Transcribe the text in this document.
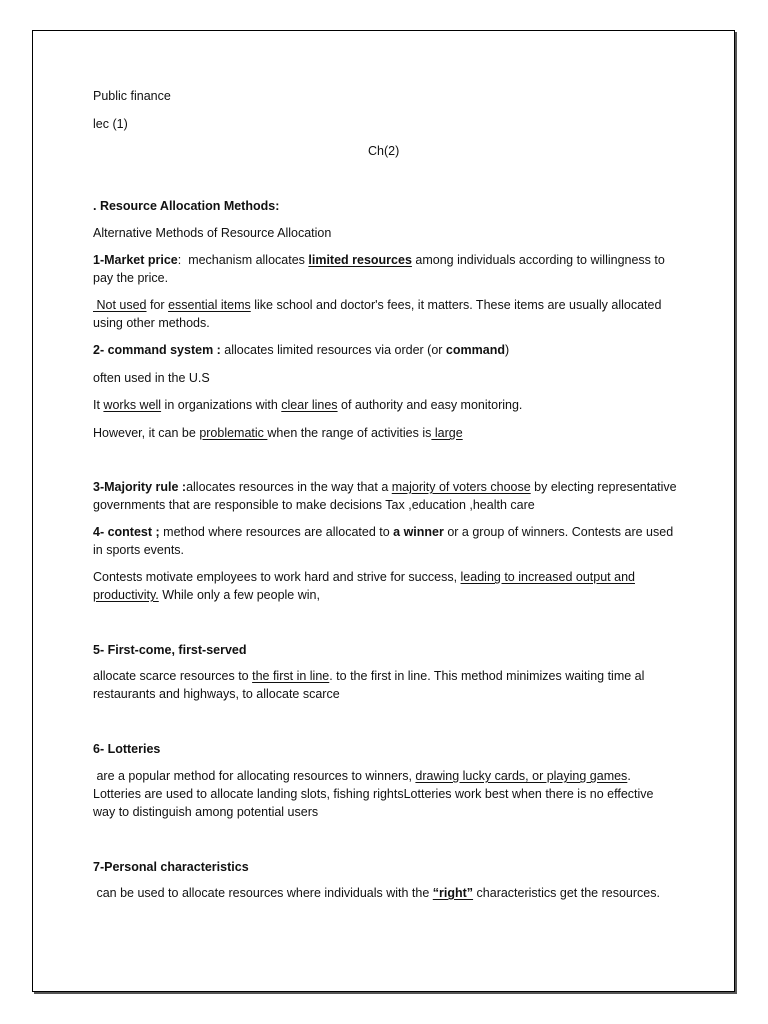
Public finance
lec (1)
Ch(2)
. Resource Allocation Methods:
Alternative Methods of Resource Allocation
1-Market price:  mechanism allocates limited resources among individuals according to willingness to pay the price.
Not used for essential items like school and doctor's fees, it matters. These items are usually allocated using other methods.
2- command system : allocates limited resources via order (or command)
often used in the U.S
It works well in organizations with clear lines of authority and easy monitoring.
However, it can be problematic when the range of activities is large
3-Majority rule :allocates resources in the way that a majority of voters choose by electing representative governments that are responsible to make decisions Tax ,education ,health care
4- contest ; method where resources are allocated to a winner or a group of winners. Contests are used in sports events.
Contests motivate employees to work hard and strive for success, leading to increased output and productivity. While only a few people win,
5- First-come, first-served
allocate scarce resources to the first in line. to the first in line. This method minimizes waiting time al restaurants and highways, to allocate scarce
6- Lotteries
are a popular method for allocating resources to winners, drawing lucky cards, or playing games. Lotteries are used to allocate landing slots, fishing rightsLotteries work best when there is no effective way to distinguish among potential users
7-Personal characteristics
can be used to allocate resources where individuals with the “right” characteristics get the resources.
